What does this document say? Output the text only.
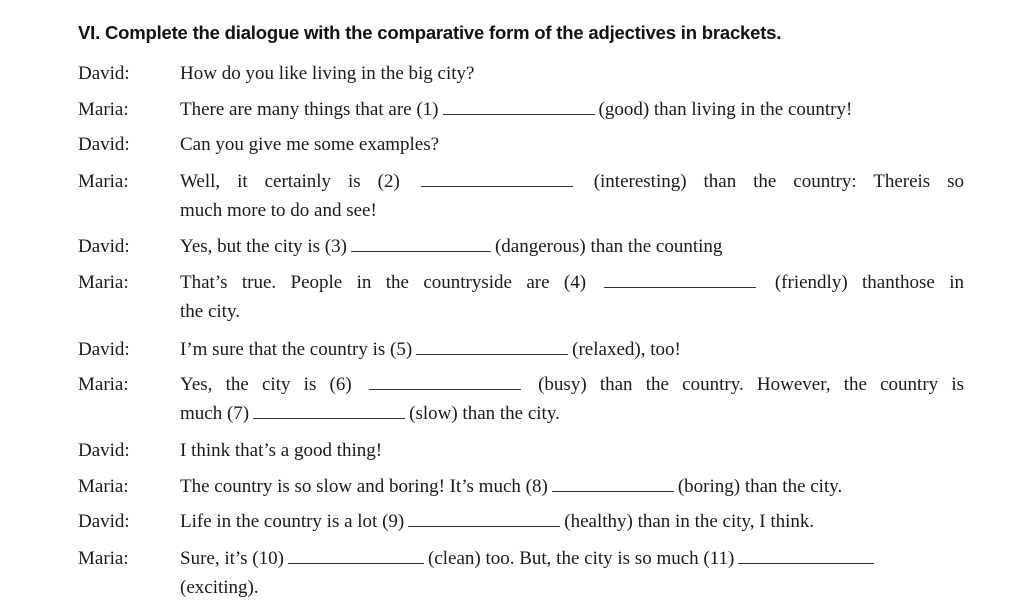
VI. Complete the dialogue with the comparative form of the adjectives in brackets.
David:	How do you like living in the big city?
Maria:	There are many things that are (1)	(good) than living in the country!
David:	Can you give me some examples?
Maria:	Well, it certainly is (2)	(interesting) than the country: Thereis so
much more to do and see!
David:	Yes, but the city is (3)	(dangerous) than the counting
Maria:	That’s true. People in the countryside are (4)	(friendly) thanthose in
the city.
David:	I’m sure that the country is (5)	(relaxed), too!
Maria:	Yes, the city is (6)	(busy) than the country. However, the country is
much (7)	(slow) than the city.
David:	I think that’s a good thing!
Maria:	The country is so slow and boring! It’s much (8)	(boring) than the city.
David:	Life in the country is a lot (9)	(healthy) than in the city, I think.
Maria:	Sure, it’s (10)	(clean) too. But, the city is so much (11)
(exciting).
